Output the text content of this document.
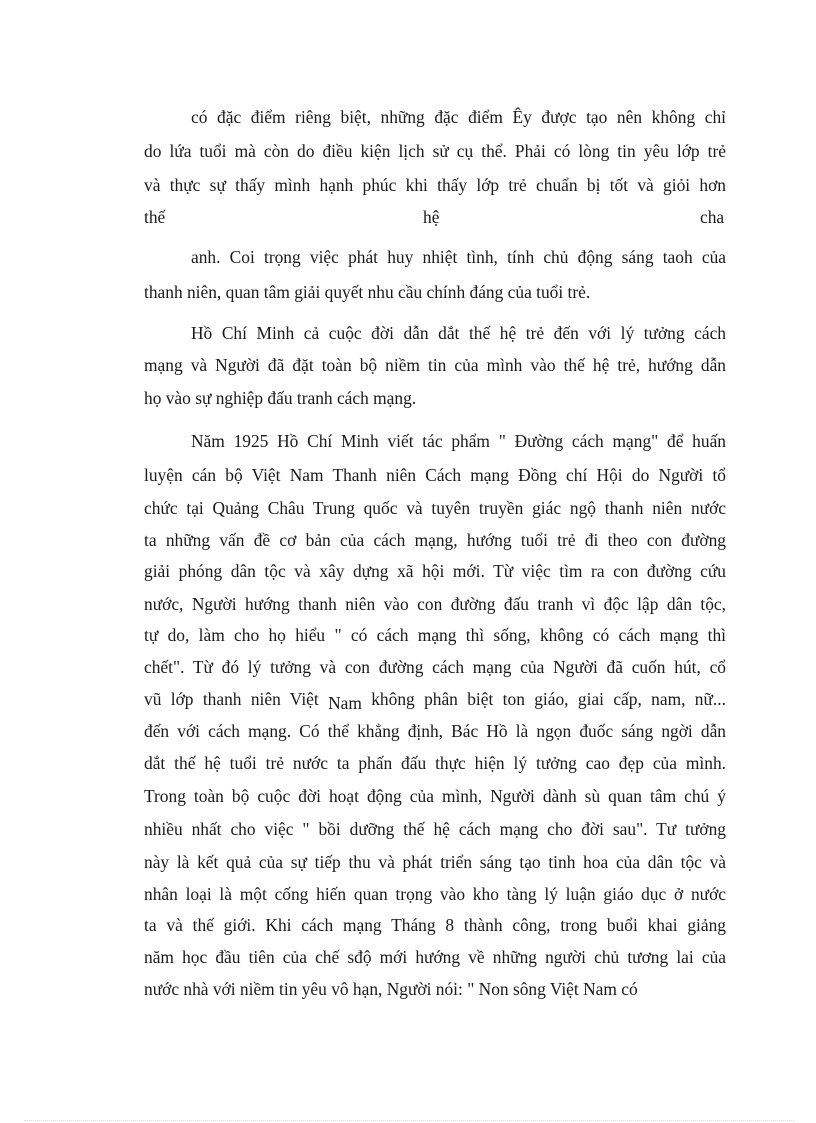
có đặc điểm riêng biệt, những đặc điểm Êy được tạo nên không chỉ
do lứa tuổi mà còn do điều kiện lịch sử cụ thể. Phải có lòng tin yêu lớp trẻ
và thực sự thấy mình hạnh phúc khi thấy lớp trẻ chuẩn bị tốt và giỏi hơn
thế	hệ	cha
anh. Coi trọng việc phát huy nhiệt tình, tính chủ động sáng taoh của
thanh niên, quan tâm giải quyết nhu cầu chính đáng của tuổi trẻ.
Hồ Chí Minh cả cuộc đời dẫn dắt thế hệ trẻ đến với lý tưởng cách
mạng và Người đã đặt toàn bộ niềm tin của mình vào thế hệ trẻ, hướng dẫn
họ vào sự nghiệp đấu tranh cách mạng.
Năm 1925 Hồ Chí Minh viết tác phẩm " Đường cách mạng" để huấn
luyện cán bộ Việt Nam Thanh niên Cách mạng Đồng chí Hội do Người tổ
chức tại Quảng Châu Trung quốc và tuyên truyền giác ngộ thanh niên nước
ta những vấn đề cơ bản của cách mạng, hướng tuổi trẻ đi theo con đường
giải phóng dân tộc và xây dựng xã hội mới. Từ việc tìm ra con đường cứu
nước, Người hướng thanh niên vào con đường đấu tranh vì độc lập dân tộc,
tự do, làm cho họ hiểu " có cách mạng thì sống, không có cách mạng thì
chết". Từ đó lý tưởng và con đường cách mạng của Người đã cuốn hút, cổ
vũ lớp thanh niên Việt Nam không phân biệt ton giáo, giai cấp, nam, nữ...
đến với cách mạng. Có thể khẳng định, Bác Hồ là ngọn đuốc sáng ngời dẫn
dắt thế hệ tuổi trẻ nước ta phấn đấu thực hiện lý tưởng cao đẹp của mình.
Trong toàn bộ cuộc đời hoạt động của mình, Người dành sù quan tâm chú ý
nhiều nhất cho việc " bồi dưỡng thế hệ cách mạng cho đời sau". Tư tưởng
này là kết quả của sự tiếp thu và phát triển sáng tạo tinh hoa của dân tộc và
nhân loại là một cống hiến quan trọng vào kho tàng lý luận giáo dục ở nước
ta và thế giới. Khi cách mạng Tháng 8 thành công, trong buổi khai giảng
năm học đầu tiên của chế sđộ mới hướng về những người chủ tương lai của
nước nhà với niềm tin yêu vô hạn, Người nói: " Non sông Việt Nam có
